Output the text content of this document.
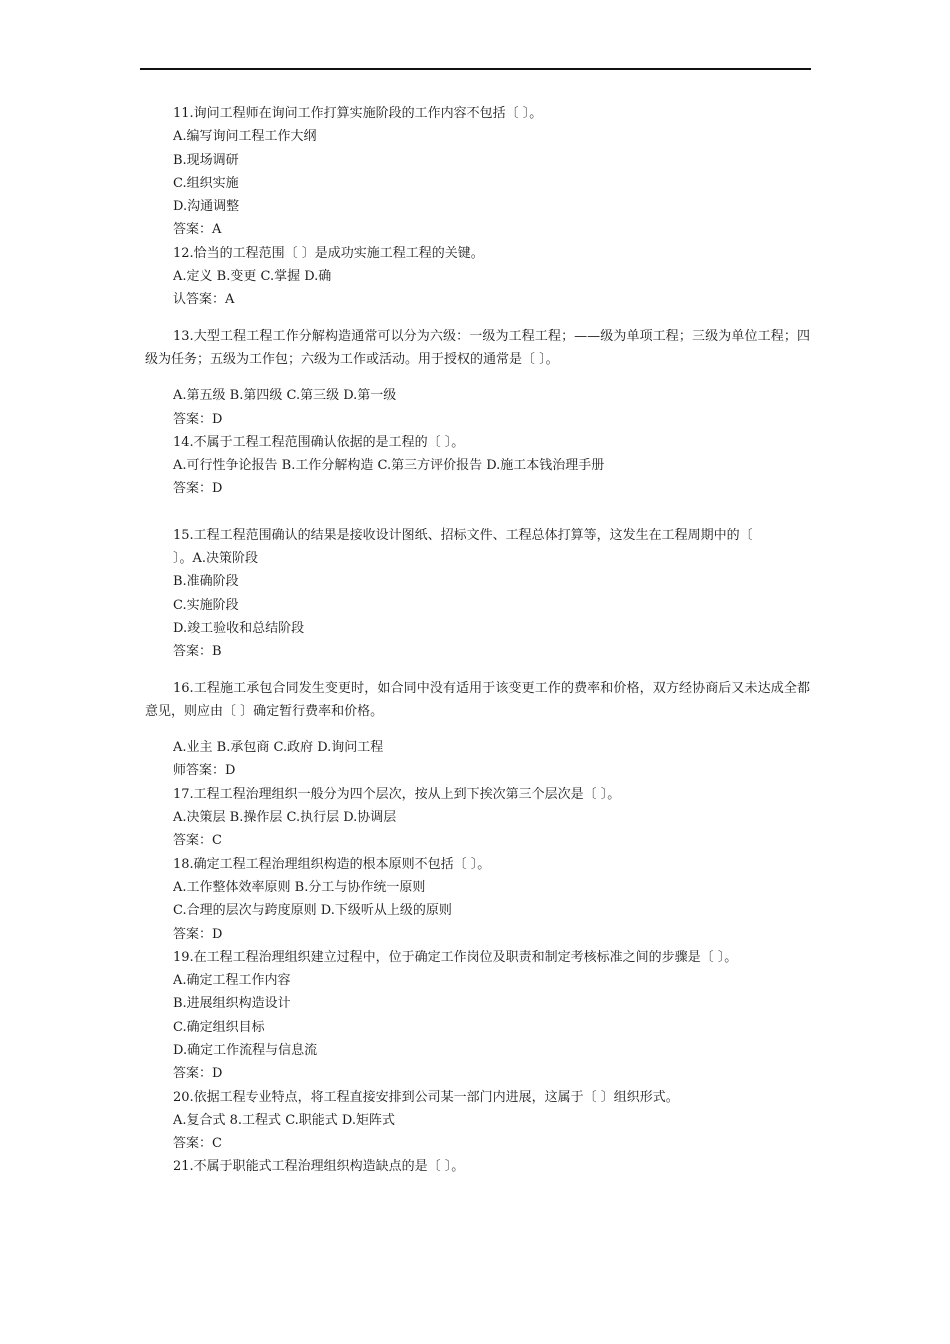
11.询问工程师在询问工作打算实施阶段的工作内容不包括〔 〕。

A.编写询问工程工作大纲

B.现场调研

C.组织实施

D.沟通调整

答案：A

12.恰当的工程范围〔 〕是成功实施工程工程的关键。

A.定义 B.变更 C.掌握 D.确

认答案：A

13.大型工程工程工作分解构造通常可以分为六级：一级为工程工程；——级为单项工程；三级为单位工程；四级为任务；五级为工作包；六级为工作或活动。用于授权的通常是〔 〕。

A.第五级 B.第四级 C.第三级 D.第一级

答案：D

14.不属于工程工程范围确认依据的是工程的〔 〕。

A.可行性争论报告 B.工作分解构造 C.第三方评价报告 D.施工本钱治理手册

答案：D

15.工程工程范围确认的结果是接收设计图纸、招标文件、工程总体打算等，这发生在工程周期中的〔

〕。A.决策阶段

B.准确阶段

C.实施阶段

D.竣工验收和总结阶段

答案：B

16.工程施工承包合同发生变更时，如合同中没有适用于该变更工作的费率和价格，双方经协商后又未达成全都意见，则应由〔 〕确定暂行费率和价格。

A.业主 B.承包商 C.政府 D.询问工程

师答案：D

17.工程工程治理组织一般分为四个层次，按从上到下挨次第三个层次是〔 〕。

A.决策层 B.操作层 C.执行层 D.协调层

答案：C

18.确定工程工程治理组织构造的根本原则不包括〔 〕。

A.工作整体效率原则 B.分工与协作统一原则

C.合理的层次与跨度原则 D.下级听从上级的原则

答案：D

19.在工程工程治理组织建立过程中，位于确定工作岗位及职责和制定考核标准之间的步骤是〔 〕。

A.确定工程工作内容

B.进展组织构造设计

C.确定组织目标

D.确定工作流程与信息流

答案：D

20.依据工程专业特点，将工程直接安排到公司某一部门内进展，这属于〔 〕组织形式。

A.复合式 8.工程式 C.职能式 D.矩阵式

答案：C

21.不属于职能式工程治理组织构造缺点的是〔 〕。
